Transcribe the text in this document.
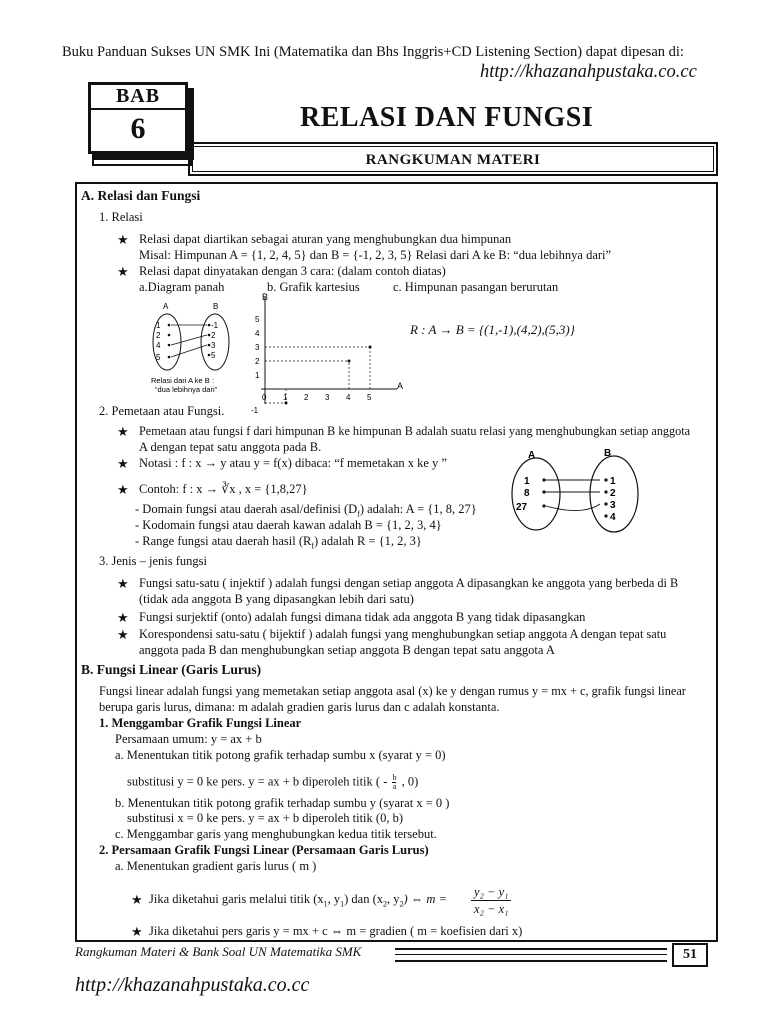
Buku Panduan Sukses UN SMK Ini (Matematika dan Bhs Inggris+CD Listening Section) dapat dipesan di:
http://khazanahpustaka.co.cc
BAB
6	RELASI DAN FUNGSI
RANGKUMAN MATERI
A. Relasi dan Fungsi
1. Relasi
★ Relasi dapat diartikan sebagai aturan yang menghubungkan dua himpunan
Misal: Himpunan A = {1, 2, 4, 5} dan B = {-1, 2, 3, 5} Relasi dari A ke B: “dua lebihnya dari”
★ Relasi dapat dinyatakan dengan 3 cara: (dalam contoh diatas)
a.Diagram panah	b. Grafik kartesius	c. Himpunan pasangan berurutan
A	B
1
2
4
5
-1
2
3
5
Relasi dari A ke B :
“dua lebihnya dari”	A
B
0 1 2 3 4 5
-1
1
2
3
4
5
R : A → B = {(1,-1),(4,2),(5,3)}
2. Pemetaan atau Fungsi.
★ Pemetaan atau fungsi f dari himpunan B ke himpunan B adalah suatu relasi yang menghubungkan setiap anggota
A dengan tepat satu anggota pada B.
★ Notasi : f : x → y atau y = f(x) dibaca: “f memetakan x ke y ”
★ Contoh: f : x → ∛x , x = {1,8,27}
- Domain fungsi atau daerah asal/definisi $(D_f)$ adalah: A = {1, 8, 27}
- Kodomain fungsi atau daerah kawan adalah B = {1, 2, 3, 4}
- Range fungsi atau daerah hasil $(R_f)$ adalah R = {1, 2, 3}
A	B
1
8
27
1
2
3
4
3. Jenis – jenis fungsi
★ Fungsi satu-satu ( injektif ) adalah fungsi dengan setiap anggota A dipasangkan ke anggota yang berbeda di B
(tidak ada anggota B yang dipasangkan lebih dari satu)
★ Fungsi surjektif (onto) adalah fungsi dimana tidak ada anggota B yang tidak dipasangkan
★ Korespondensi satu-satu ( bijektif ) adalah fungsi yang menghubungkan setiap anggota A dengan tepat satu
anggota pada B dan menghubungkan setiap anggota B dengan tepat satu anggota A
B. Fungsi Linear (Garis Lurus)
Fungsi linear adalah fungsi yang memetakan setiap anggota asal (x) ke y dengan rumus y = mx + c, grafik fungsi linear
berupa garis lurus, dimana: m adalah gradien garis lurus dan c adalah konstanta.
1. Menggambar Grafik Fungsi Linear
Persamaan umum: y = ax + b
a. Menentukan titik potong grafik terhadap sumbu x (syarat y = 0)
substitusi y = 0 ke pers. y = ax + b diperoleh titik ( - $\frac{b}{a}$ , 0)
b. Menentukan titik potong grafik terhadap sumbu y (syarat x = 0 )
substitusi x = 0 ke pers. y = ax + b diperoleh titik (0, b)
c. Menggambar garis yang menghubungkan kedua titik tersebut.
2. Persamaan Grafik Fungsi Linear (Persamaan Garis Lurus)
a. Menentukan gradient garis lurus ( m )
★ Jika diketahui garis melalui titik ($x_1$, $y_1$) dan ($x_2$, $y_2$) ⇔ m = y₂ − y₁
x₂ − x₁
★ Jika diketahui pers garis y = mx + c ⇔ m = gradien ( m = koefisien dari x)
Rangkuman Materi & Bank Soal UN Matematika SMK	51
http://khazanahpustaka.co.cc
